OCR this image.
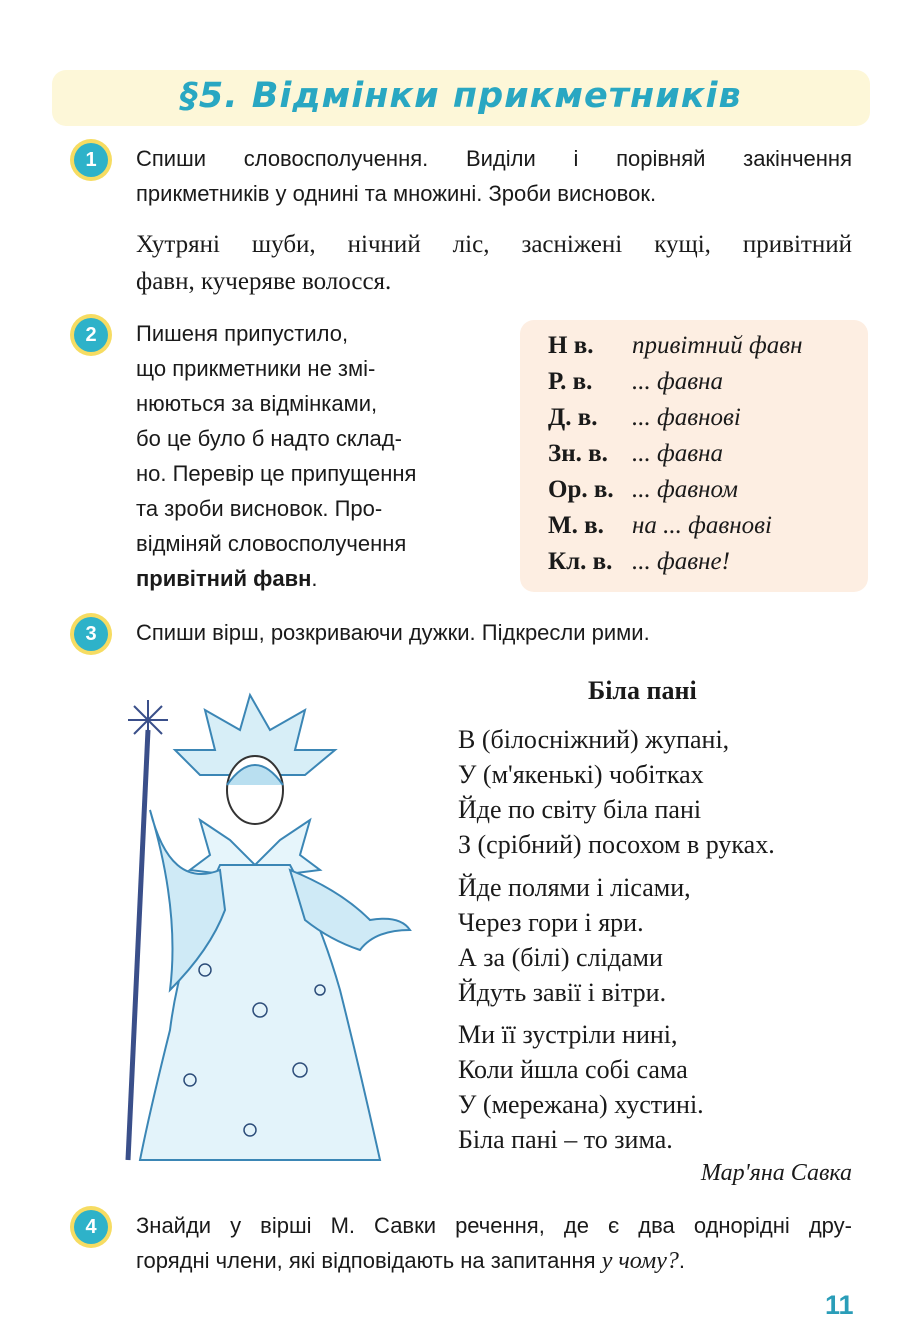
§5. Відмінки прикметників
1	Спиши словосполучення. Виділи і порівняй закінчення
прикметників у однині та множині. Зроби висновок.
Хутряні шуби, нічний ліс, засніжені кущі, привітний
фавн, кучеряве волосся.
2	Пишеня припустило,
що прикметники не змі-
нюються за відмінками,
бо це було б надто склад-
но. Перевір це припущення
та зроби висновок. Про-
відміняй словосполучення
привітний фавн.
Н в. привітний фавн
Р. в. ... фавна
Д. в. ... фавнові
Зн. в. ... фавна
Ор. в. ... фавном
М. в. на ... фавнові
Кл. в. ... фавне!
3	Спиши вірш, розкриваючи дужки. Підкресли рими.
Біла пані
В (білосніжний) жупані,
У (м'якенькі) чобітках
Йде по світу біла пані
З (срібний) посохом в руках.
Йде полями і лісами,
Через гори і яри.
А за (білі) слідами
Йдуть завії і вітри.
Ми її зустріли нині,
Коли йшла собі сама
У (мережана) хустині.
Біла пані – то зима.
Мар'яна Савка
4	Знайди у вірші М. Савки речення, де є два однорідні дру-
горядні члени, які відповідають на запитання у чому?.
11
